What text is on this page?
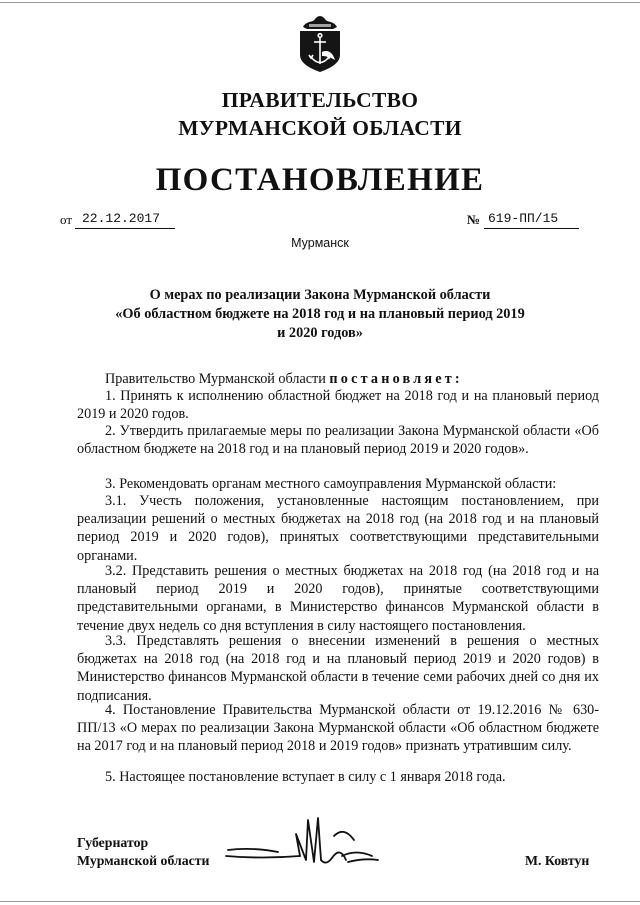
ПРАВИТЕЛЬСТВО
МУРМАНСКОЙ ОБЛАСТИ
ПОСТАНОВЛЕНИЕ
от 22.12.2017	№ 619-ПП/15
Мурманск
О мерах по реализации Закона Мурманской области
«Об областном бюджете на 2018 год и на плановый период 2019
и 2020 годов»

Правительство Мурманской области постановляет:

1. Принять к исполнению областной бюджет на 2018 год и на плановый период 2019 и 2020 годов.

2. Утвердить прилагаемые меры по реализации Закона Мурманской области «Об областном бюджете на 2018 год и на плановый период 2019 и 2020 годов».

3. Рекомендовать органам местного самоуправления Мурманской области:

3.1. Учесть положения, установленные настоящим постановлением, при реализации решений о местных бюджетах на 2018 год (на 2018 год и на плановый период 2019 и 2020 годов), принятых соответствующими представительными органами.

3.2. Представить решения о местных бюджетах на 2018 год (на 2018 год и на плановый период 2019 и 2020 годов), принятые соответствующими представительными органами, в Министерство финансов Мурманской области в течение двух недель со дня вступления в силу настоящего постановления.

3.3. Представлять решения о внесении изменений в решения о местных бюджетах на 2018 год (на 2018 год и на плановый период 2019 и 2020 годов) в Министерство финансов Мурманской области в течение семи рабочих дней со дня их подписания.

4. Постановление Правительства Мурманской области от 19.12.2016 № 630-ПП/13 «О мерах по реализации Закона Мурманской области «Об областном бюджете на 2017 год и на плановый период 2018 и 2019 годов» признать утратившим силу.

5. Настоящее постановление вступает в силу с 1 января 2018 года.

Губернатор
Мурманской области	М. Ковтун
